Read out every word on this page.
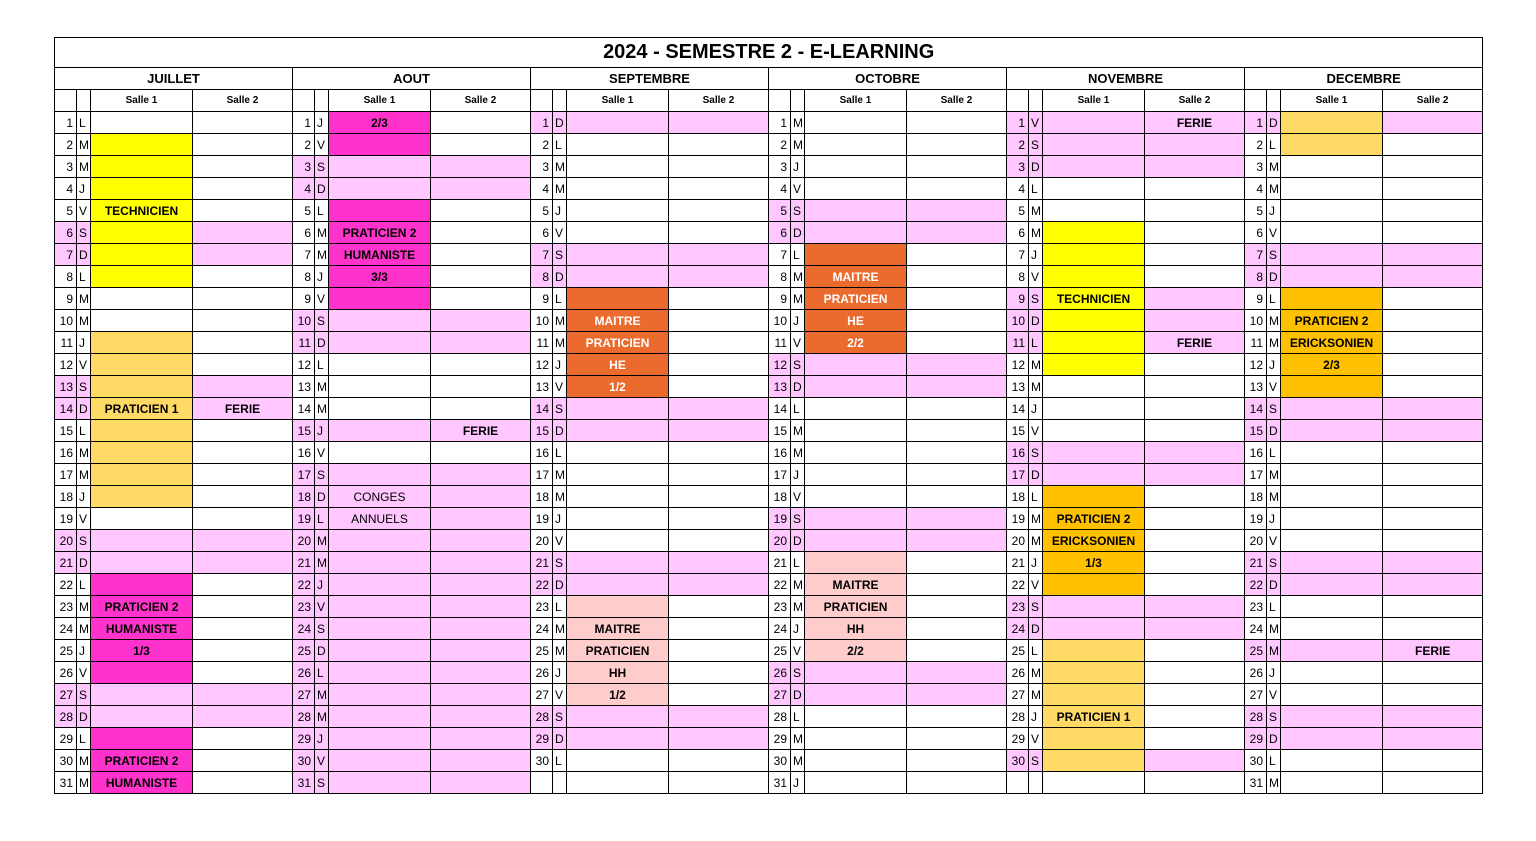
2024 - SEMESTRE 2 - E-LEARNING																							
JUILLET				AOUT				SEPTEMBRE				OCTOBRE				NOVEMBRE				DECEMBRE			
		Salle 1	Salle 2			Salle 1	Salle 2			Salle 1	Salle 2			Salle 1	Salle 2			Salle 1	Salle 2			Salle 1	Salle 2
1	L			1	J	2/3		1	D			1	M			1	V		FERIE	1	D		
2	M			2	V			2	L			2	M			2	S			2	L		
3	M			3	S			3	M			3	J			3	D			3	M		
4	J			4	D			4	M			4	V			4	L			4	M		
5	V	TECHNICIEN		5	L			5	J			5	S			5	M			5	J		
6	S			6	M	PRATICIEN 2		6	V			6	D			6	M			6	V		
7	D			7	M	HUMANISTE		7	S			7	L			7	J			7	S		
8	L			8	J	3/3		8	D			8	M	MAITRE		8	V			8	D		
9	M			9	V			9	L			9	M	PRATICIEN		9	S	TECHNICIEN		9	L		
10	M			10	S			10	M	MAITRE		10	J	HE		10	D			10	M	PRATICIEN 2	
11	J			11	D			11	M	PRATICIEN		11	V	2/2		11	L		FERIE	11	M	ERICKSONIEN	
12	V			12	L			12	J	HE		12	S			12	M			12	J	2/3	
13	S			13	M			13	V	1/2		13	D			13	M			13	V		
14	D	PRATICIEN 1	FERIE	14	M			14	S			14	L			14	J			14	S		
15	L			15	J		FERIE	15	D			15	M			15	V			15	D		
16	M			16	V			16	L			16	M			16	S			16	L		
17	M			17	S			17	M			17	J			17	D			17	M		
18	J			18	D	CONGES		18	M			18	V			18	L			18	M		
19	V			19	L	ANNUELS		19	J			19	S			19	M	PRATICIEN 2		19	J		
20	S			20	M			20	V			20	D			20	M	ERICKSONIEN		20	V		
21	D			21	M			21	S			21	L			21	J	1/3		21	S		
22	L			22	J			22	D			22	M	MAITRE		22	V			22	D		
23	M	PRATICIEN 2		23	V			23	L			23	M	PRATICIEN		23	S			23	L		
24	M	HUMANISTE		24	S			24	M	MAITRE		24	J	HH		24	D			24	M		
25	J	1/3		25	D			25	M	PRATICIEN		25	V	2/2		25	L			25	M		FERIE
26	V			26	L			26	J	HH		26	S			26	M			26	J		
27	S			27	M			27	V	1/2		27	D			27	M			27	V		
28	D			28	M			28	S			28	L			28	J	PRATICIEN 1		28	S		
29	L			29	J			29	D			29	M			29	V			29	D		
30	M	PRATICIEN 2		30	V			30	L			30	M			30	S			30	L		
31	M	HUMANISTE		31	S							31	J							31	M		
